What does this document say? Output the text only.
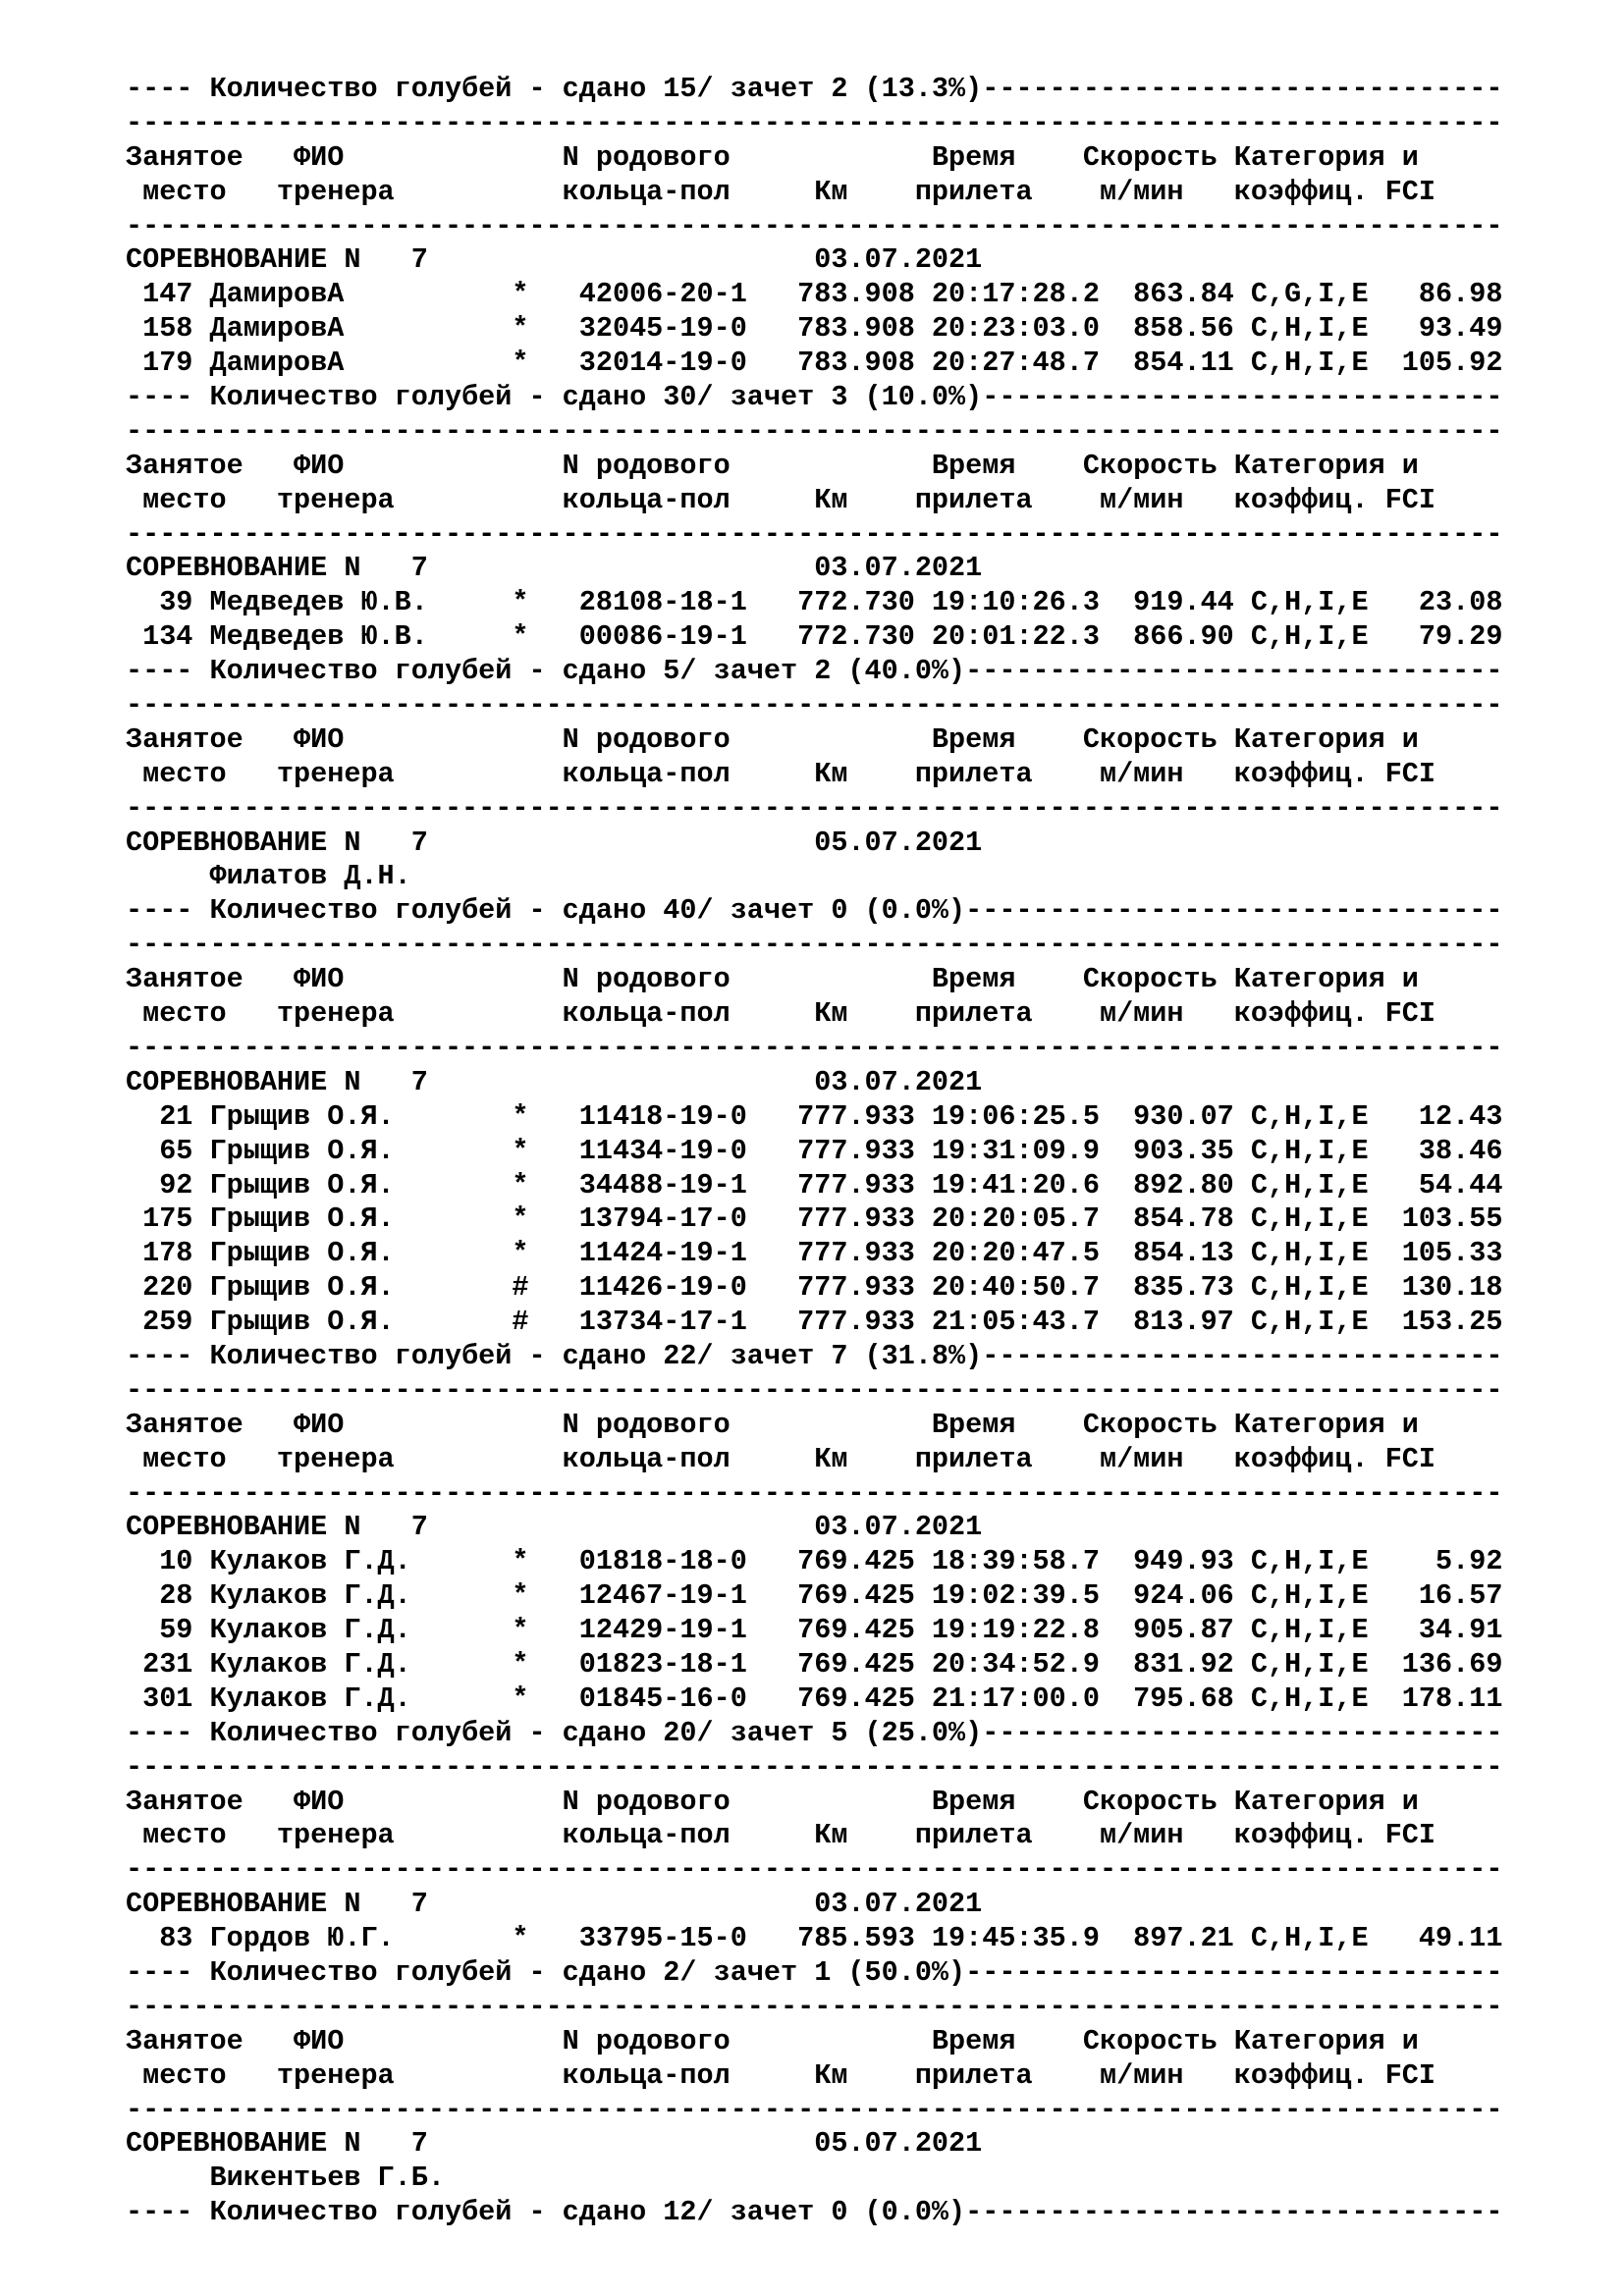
---- Количество голубей - сдано 15/ зачет 2 (13.3%)-------------------------------
----------------------------------------------------------------------------------
Занятое   ФИО             N родового            Время    Скорость Категория и
место   тренера          кольца-пол     Км    прилета    м/мин   коэффиц. FCI
----------------------------------------------------------------------------------
СОРЕВНОВАНИЕ N   7                       03.07.2021
147 ДамировА          *   42006-20-1   783.908 20:17:28.2  863.84 C,G,I,E   86.98
158 ДамировА          *   32045-19-0   783.908 20:23:03.0  858.56 C,H,I,E   93.49
179 ДамировА          *   32014-19-0   783.908 20:27:48.7  854.11 C,H,I,E  105.92
---- Количество голубей - сдано 30/ зачет 3 (10.0%)-------------------------------
----------------------------------------------------------------------------------
Занятое   ФИО             N родового            Время    Скорость Категория и
место   тренера          кольца-пол     Км    прилета    м/мин   коэффиц. FCI
----------------------------------------------------------------------------------
СОРЕВНОВАНИЕ N   7                       03.07.2021
39 Медведев Ю.В.     *   28108-18-1   772.730 19:10:26.3  919.44 C,H,I,E   23.08
134 Медведев Ю.В.     *   00086-19-1   772.730 20:01:22.3  866.90 C,H,I,E   79.29
---- Количество голубей - сдано 5/ зачет 2 (40.0%)--------------------------------
----------------------------------------------------------------------------------
Занятое   ФИО             N родового            Время    Скорость Категория и
место   тренера          кольца-пол     Км    прилета    м/мин   коэффиц. FCI
----------------------------------------------------------------------------------
СОРЕВНОВАНИЕ N   7                       05.07.2021
Филатов Д.Н.
---- Количество голубей - сдано 40/ зачет 0 (0.0%)--------------------------------
----------------------------------------------------------------------------------
Занятое   ФИО             N родового            Время    Скорость Категория и
место   тренера          кольца-пол     Км    прилета    м/мин   коэффиц. FCI
----------------------------------------------------------------------------------
СОРЕВНОВАНИЕ N   7                       03.07.2021
21 Грыщив О.Я.       *   11418-19-0   777.933 19:06:25.5  930.07 C,H,I,E   12.43
65 Грыщив О.Я.       *   11434-19-0   777.933 19:31:09.9  903.35 C,H,I,E   38.46
92 Грыщив О.Я.       *   34488-19-1   777.933 19:41:20.6  892.80 C,H,I,E   54.44
175 Грыщив О.Я.       *   13794-17-0   777.933 20:20:05.7  854.78 C,H,I,E  103.55
178 Грыщив О.Я.       *   11424-19-1   777.933 20:20:47.5  854.13 C,H,I,E  105.33
220 Грыщив О.Я.       #   11426-19-0   777.933 20:40:50.7  835.73 C,H,I,E  130.18
259 Грыщив О.Я.       #   13734-17-1   777.933 21:05:43.7  813.97 C,H,I,E  153.25
---- Количество голубей - сдано 22/ зачет 7 (31.8%)-------------------------------
----------------------------------------------------------------------------------
Занятое   ФИО             N родового            Время    Скорость Категория и
место   тренера          кольца-пол     Км    прилета    м/мин   коэффиц. FCI
----------------------------------------------------------------------------------
СОРЕВНОВАНИЕ N   7                       03.07.2021
10 Кулаков Г.Д.      *   01818-18-0   769.425 18:39:58.7  949.93 C,H,I,E    5.92
28 Кулаков Г.Д.      *   12467-19-1   769.425 19:02:39.5  924.06 C,H,I,E   16.57
59 Кулаков Г.Д.      *   12429-19-1   769.425 19:19:22.8  905.87 C,H,I,E   34.91
231 Кулаков Г.Д.      *   01823-18-1   769.425 20:34:52.9  831.92 C,H,I,E  136.69
301 Кулаков Г.Д.      *   01845-16-0   769.425 21:17:00.0  795.68 C,H,I,E  178.11
---- Количество голубей - сдано 20/ зачет 5 (25.0%)-------------------------------
----------------------------------------------------------------------------------
Занятое   ФИО             N родового            Время    Скорость Категория и
место   тренера          кольца-пол     Км    прилета    м/мин   коэффиц. FCI
----------------------------------------------------------------------------------
СОРЕВНОВАНИЕ N   7                       03.07.2021
83 Гордов Ю.Г.       *   33795-15-0   785.593 19:45:35.9  897.21 C,H,I,E   49.11
---- Количество голубей - сдано 2/ зачет 1 (50.0%)--------------------------------
----------------------------------------------------------------------------------
Занятое   ФИО             N родового            Время    Скорость Категория и
место   тренера          кольца-пол     Км    прилета    м/мин   коэффиц. FCI
----------------------------------------------------------------------------------
СОРЕВНОВАНИЕ N   7                       05.07.2021
Викентьев Г.Б.
---- Количество голубей - сдано 12/ зачет 0 (0.0%)--------------------------------
